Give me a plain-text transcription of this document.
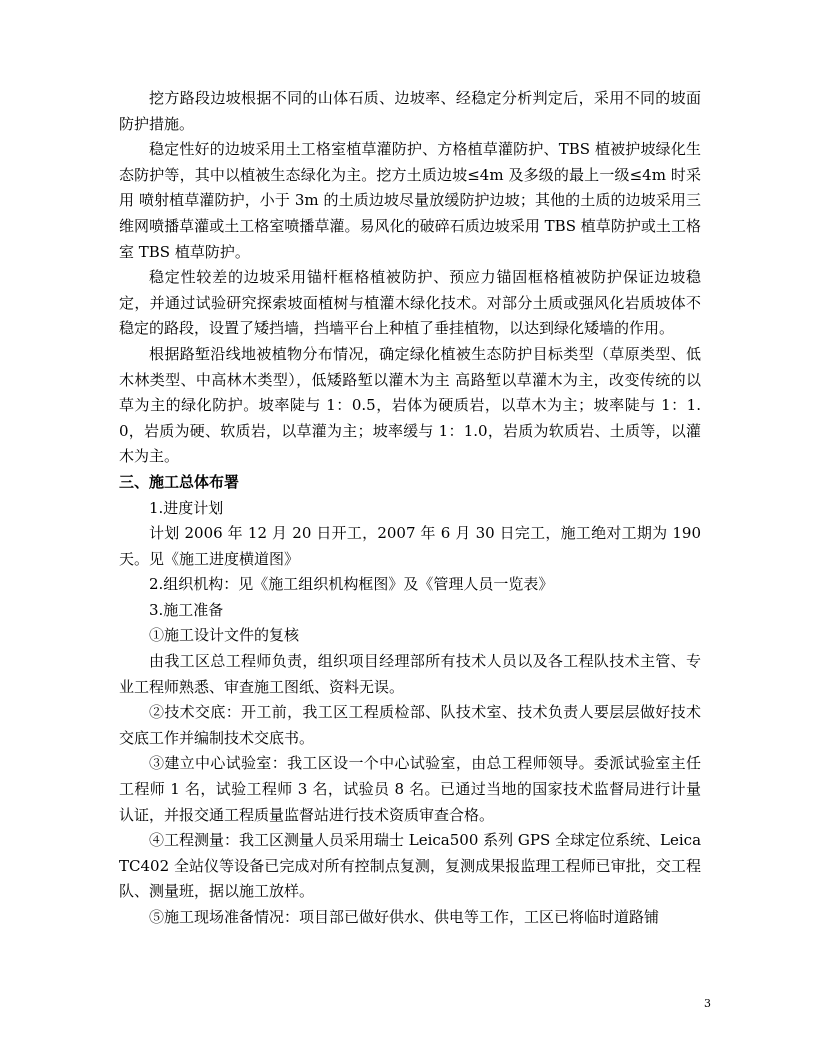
挖方路段边坡根据不同的山体石质、边坡率、经稳定分析判定后，采用不同的坡面防护措施。

稳定性好的边坡采用土工格室植草灌防护、方格植草灌防护、TBS 植被护坡绿化生态防护等，其中以植被生态绿化为主。挖方土质边坡≤4m 及多级的最上一级≤4m 时采用 喷射植草灌防护，小于 3m 的土质边坡尽量放缓防护边坡；其他的土质的边坡采用三维网喷播草灌或土工格室喷播草灌。易风化的破碎石质边坡采用 TBS 植草防护或土工格室 TBS 植草防护。

稳定性较差的边坡采用锚杆框格植被防护、预应力锚固框格植被防护保证边坡稳定，并通过试验研究探索坡面植树与植灌木绿化技术。对部分土质或强风化岩质坡体不稳定的路段，设置了矮挡墙，挡墙平台上种植了垂挂植物，以达到绿化矮墙的作用。

根据路堑沿线地被植物分布情况，确定绿化植被生态防护目标类型（草原类型、低木林类型、中高林木类型），低矮路堑以灌木为主 高路堑以草灌木为主，改变传统的以草为主的绿化防护。坡率陡与 1：0.5，岩体为硬质岩，以草木为主；坡率陡与 1：1.0，岩质为硬、软质岩，以草灌为主；坡率缓与 1：1.0，岩质为软质岩、土质等，以灌木为主。

三、施工总体布署

1.进度计划

计划 2006 年 12 月 20 日开工，2007 年 6 月 30 日完工，施工绝对工期为 190 天。见《施工进度横道图》

2.组织机构：见《施工组织机构框图》及《管理人员一览表》

3.施工准备

①施工设计文件的复核

由我工区总工程师负责，组织项目经理部所有技术人员以及各工程队技术主管、专业工程师熟悉、审查施工图纸、资料无误。

②技术交底：开工前，我工区工程质检部、队技术室、技术负责人要层层做好技术交底工作并编制技术交底书。

③建立中心试验室：我工区设一个中心试验室，由总工程师领导。委派试验室主任工程师 1 名，试验工程师 3 名，试验员 8 名。已通过当地的国家技术监督局进行计量认证，并报交通工程质量监督站进行技术资质审查合格。

④工程测量：我工区测量人员采用瑞士 Leica500 系列 GPS 全球定位系统、LeicaTC402 全站仪等设备已完成对所有控制点复测，复测成果报监理工程师已审批，交工程队、测量班，据以施工放样。

⑤施工现场准备情况：项目部已做好供水、供电等工作，工区已将临时道路铺

3
